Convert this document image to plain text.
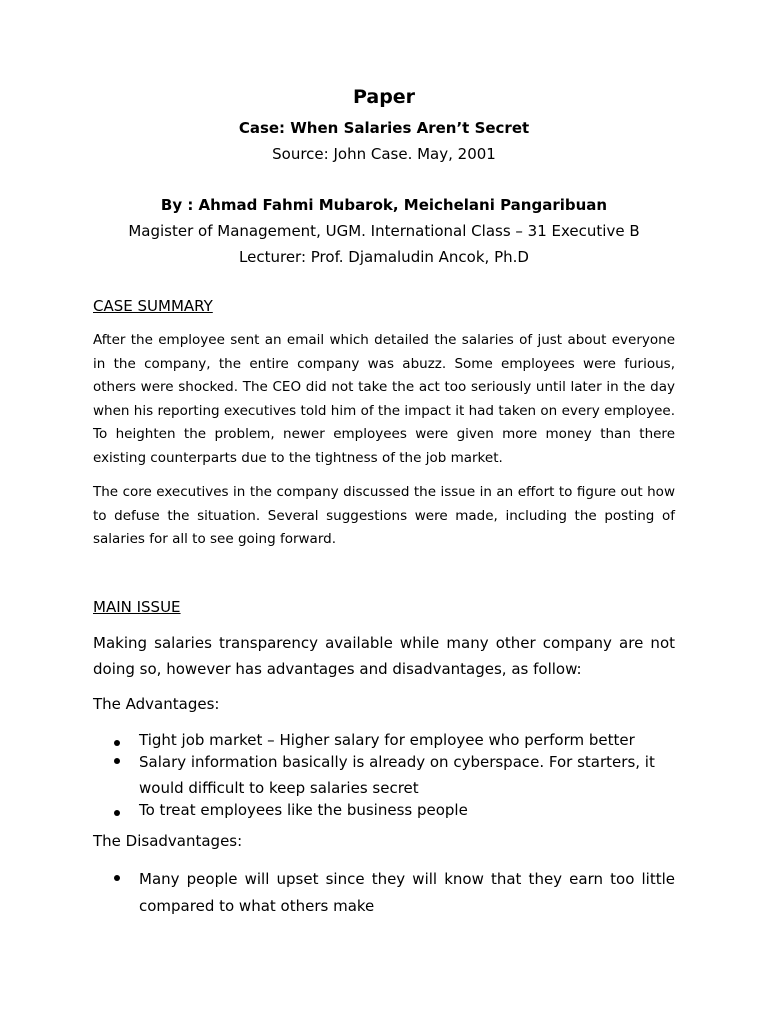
Paper
Case: When Salaries Aren’t Secret
Source: John Case. May, 2001
By : Ahmad Fahmi Mubarok, Meichelani Pangaribuan
Magister of Management, UGM. International Class – 31 Executive B
Lecturer: Prof. Djamaludin Ancok, Ph.D
CASE SUMMARY

After the employee sent an email which detailed the salaries of just about everyone in the company, the entire company was abuzz. Some employees were furious, others were shocked. The CEO did not take the act too seriously until later in the day when his reporting executives told him of the impact it had taken on every employee. To heighten the problem, newer employees were given more money than there existing counterparts due to the tightness of the job market.

The core executives in the company discussed the issue in an effort to figure out how to defuse the situation. Several suggestions were made, including the posting of salaries for all to see going forward.

MAIN ISSUE

Making salaries transparency available while many other company are not doing so, however has advantages and disadvantages, as follow:

The Advantages:
Tight job market – Higher salary for employee who perform better
Salary information basically is already on cyberspace. For starters, it would difficult to keep salaries secret
To treat employees like the business people
The Disadvantages:
Many people will upset since they will know that they earn too little compared to what others make
